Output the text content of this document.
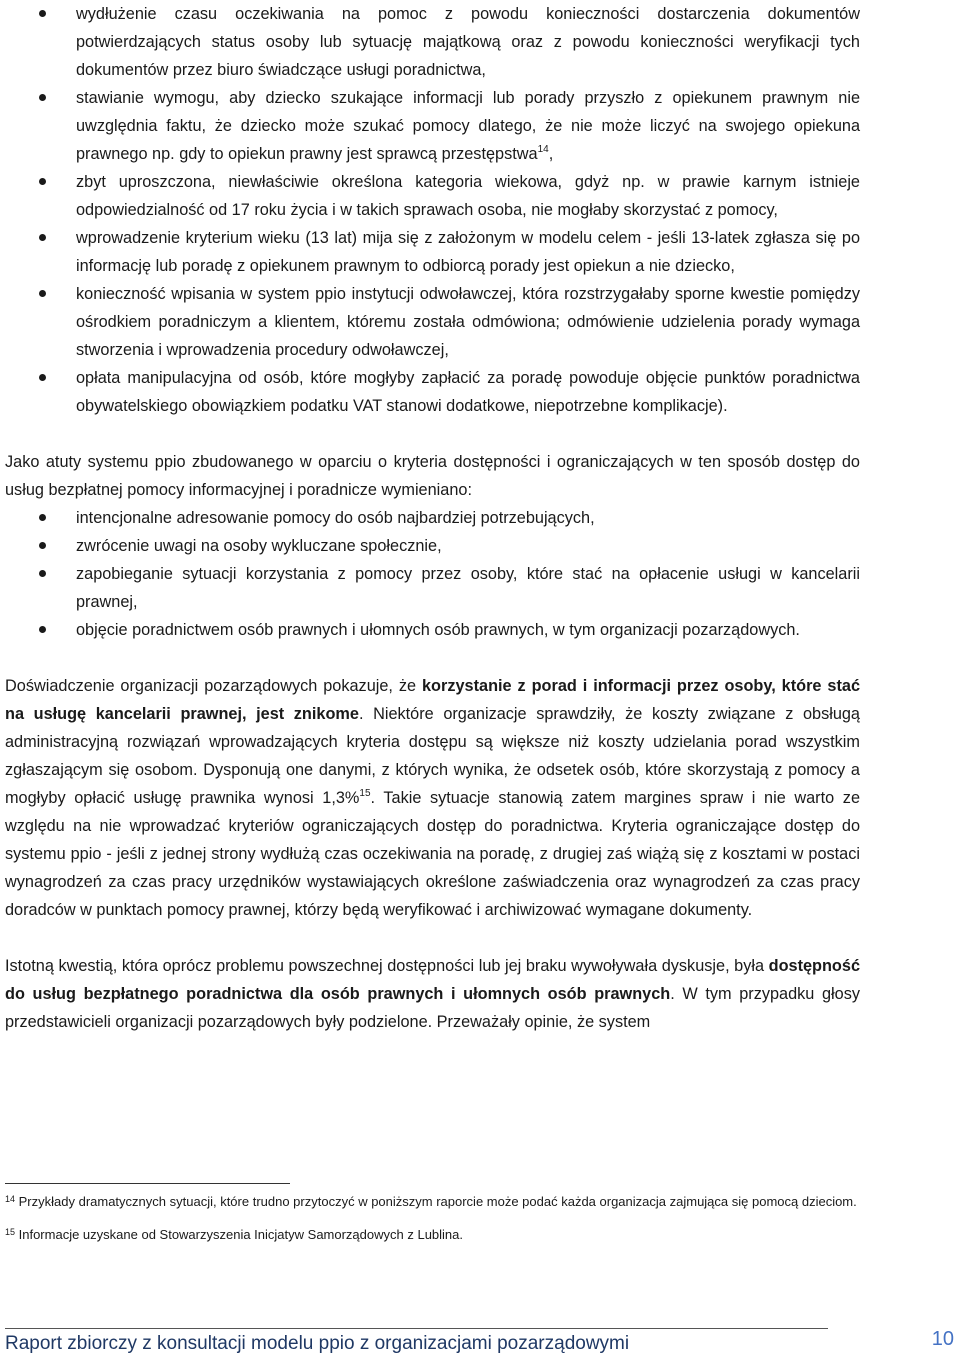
wydłużenie czasu oczekiwania na pomoc z powodu konieczności dostarczenia dokumentów potwierdzających status osoby lub sytuację majątkową oraz z powodu konieczności weryfikacji tych dokumentów przez biuro świadczące usługi poradnictwa,
stawianie wymogu, aby dziecko szukające informacji lub porady przyszło z opiekunem prawnym nie uwzględnia faktu, że dziecko może szukać pomocy dlatego, że nie może liczyć na swojego opiekuna prawnego np. gdy to opiekun prawny jest sprawcą przestępstwa$^{14}$,
zbyt uproszczona, niewłaściwie określona kategoria wiekowa, gdyż np. w prawie karnym istnieje odpowiedzialność od 17 roku życia i w takich sprawach osoba, nie mogłaby skorzystać z pomocy,
wprowadzenie kryterium wieku (13 lat) mija się z założonym w modelu celem - jeśli 13-latek zgłasza się po informację lub poradę z opiekunem prawnym to odbiorcą porady jest opiekun a nie dziecko,
konieczność wpisania w system ppio instytucji odwoławczej, która rozstrzygałaby sporne kwestie pomiędzy ośrodkiem poradniczym a klientem, któremu została odmówiona; odmówienie udzielenia porady wymaga stworzenia i wprowadzenia procedury odwoławczej,
opłata manipulacyjna od osób, które mogłyby zapłacić za poradę powoduje objęcie punktów poradnictwa obywatelskiego obowiązkiem podatku VAT stanowi dodatkowe, niepotrzebne komplikacje).

Jako atuty systemu ppio zbudowanego w oparciu o kryteria dostępności i ograniczających w ten sposób dostęp do usług bezpłatnej pomocy informacyjnej i poradnicze wymieniano:

intencjonalne adresowanie pomocy do osób najbardziej potrzebujących,
zwrócenie uwagi na osoby wykluczane społecznie,
zapobieganie sytuacji korzystania z pomocy przez osoby, które stać na opłacenie usługi w kancelarii prawnej,
objęcie poradnictwem osób prawnych i ułomnych osób prawnych, w tym organizacji pozarządowych.

Doświadczenie organizacji pozarządowych pokazuje, że korzystanie z porad i informacji przez osoby, które stać na usługę kancelarii prawnej, jest znikome. Niektóre organizacje sprawdziły, że koszty związane z obsługą administracyjną rozwiązań wprowadzających kryteria dostępu są większe niż koszty udzielania porad wszystkim zgłaszającym się osobom. Dysponują one danymi, z których wynika, że odsetek osób, które skorzystają z pomocy a mogłyby opłacić usługę prawnika wynosi 1,3%$^{15}$. Takie sytuacje stanowią zatem margines spraw i nie warto ze względu na nie wprowadzać kryteriów ograniczających dostęp do poradnictwa. Kryteria ograniczające dostęp do systemu ppio - jeśli z jednej strony wydłużą czas oczekiwania na poradę, z drugiej zaś wiążą się z kosztami w postaci wynagrodzeń za czas pracy urzędników wystawiających określone zaświadczenia oraz wynagrodzeń za czas pracy doradców w punktach pomocy prawnej, którzy będą weryfikować i archiwizować wymagane dokumenty.

Istotną kwestią, która oprócz problemu powszechnej dostępności lub jej braku wywoływała dyskusje, była dostępność do usług bezpłatnego poradnictwa dla osób prawnych i ułomnych osób prawnych. W tym przypadku głosy przedstawicieli organizacji pozarządowych były podzielone. Przeważały opinie, że system

$^{14}$ Przykłady dramatycznych sytuacji, które trudno przytoczyć w poniższym raporcie może podać każda organizacja zajmująca się pomocą dzieciom.

$^{15}$ Informacje uzyskane od Stowarzyszenia Inicjatyw Samorządowych z Lublina.

Raport zbiorczy z konsultacji modelu ppio z organizacjami pozarządowymi	10
